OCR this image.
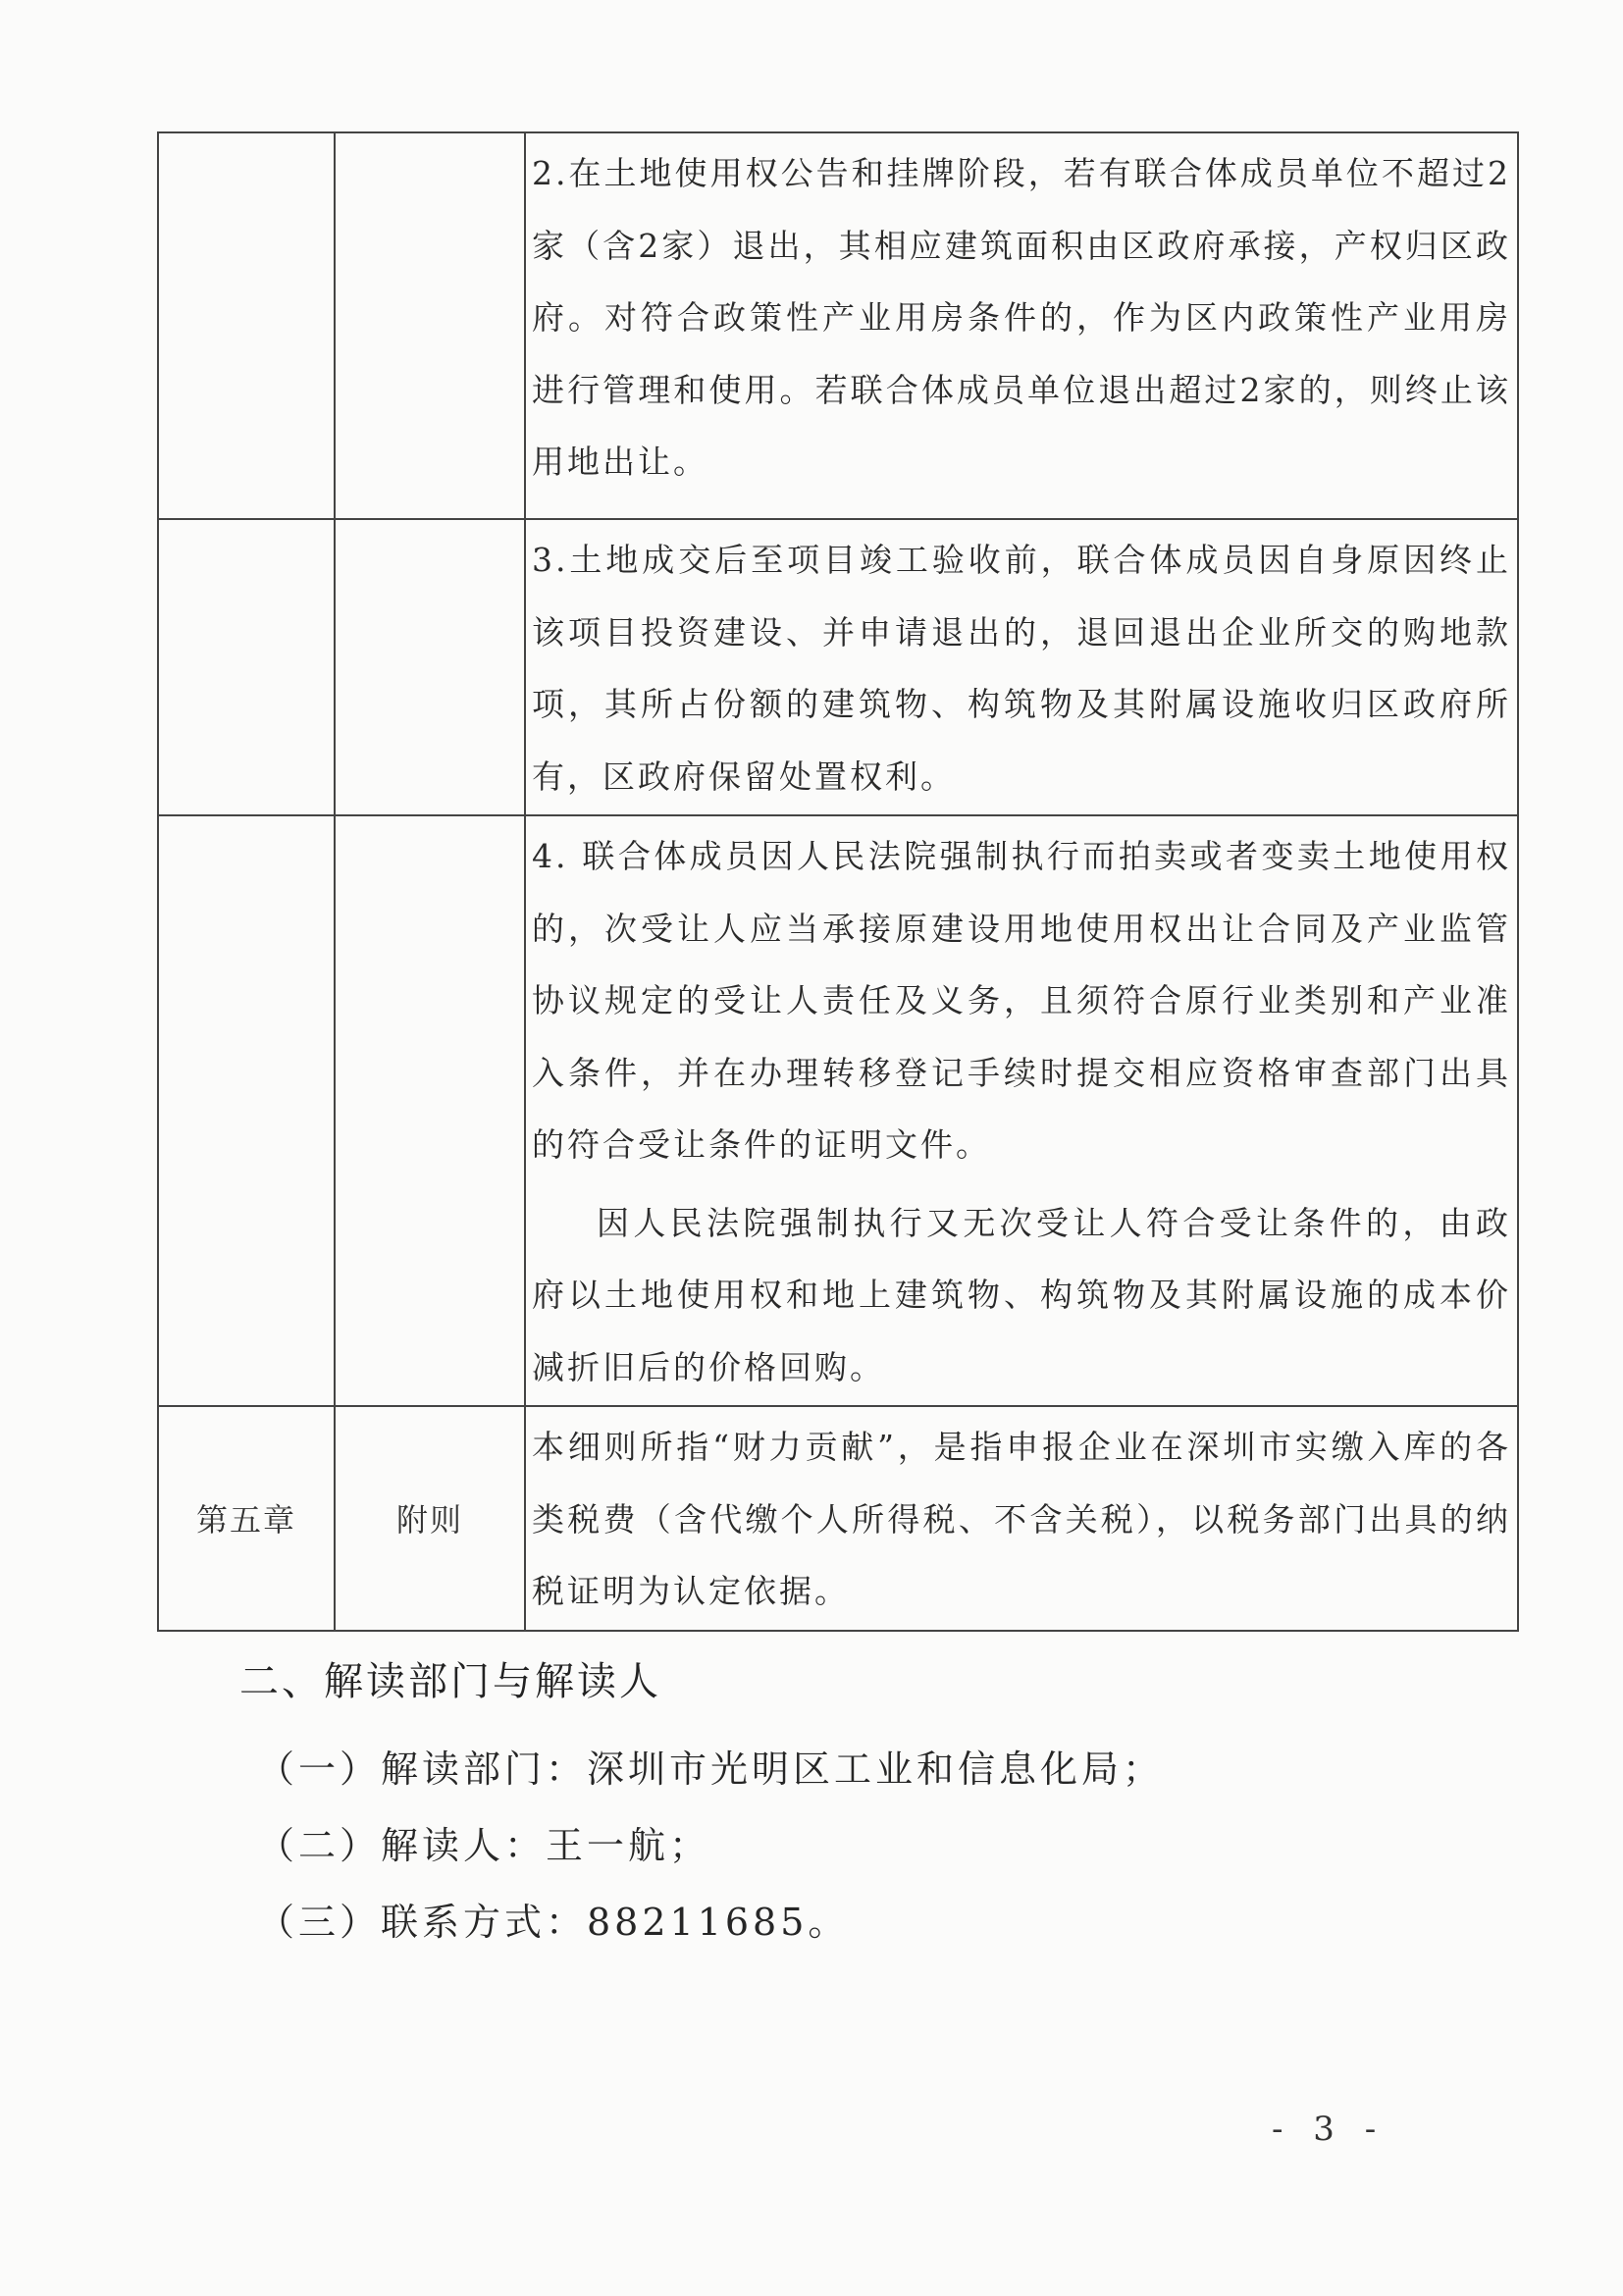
		2.在土地使用权公告和挂牌阶段，若有联合体成员单位不超过2家（含2家）退出，其相应建筑面积由区政府承接，产权归区政府。对符合政策性产业用房条件的，作为区内政策性产业用房进行管理和使用。若联合体成员单位退出超过2家的，则终止该用地出让。

		3.土地成交后至项目竣工验收前，联合体成员因自身原因终止该项目投资建设、并申请退出的，退回退出企业所交的购地款项，其所占份额的建筑物、构筑物及其附属设施收归区政府所有，区政府保留处置权利。

		4. 联合体成员因人民法院强制执行而拍卖或者变卖土地使用权的，次受让人应当承接原建设用地使用权出让合同及产业监管协议规定的受让人责任及义务，且须符合原行业类别和产业准入条件，并在办理转移登记手续时提交相应资格审查部门出具的符合受让条件的证明文件。
因人民法院强制执行又无次受让人符合受让条件的，由政府以土地使用权和地上建筑物、构筑物及其附属设施的成本价减折旧后的价格回购。

第五章	附则	本细则所指“财力贡献”，是指申报企业在深圳市实缴入库的各类税费（含代缴个人所得税、不含关税），以税务部门出具的纳税证明为认定依据。
二、解读部门与解读人
（一）解读部门：深圳市光明区工业和信息化局；
（二）解读人：王一航；
（三）联系方式：88211685。
- 3 -
